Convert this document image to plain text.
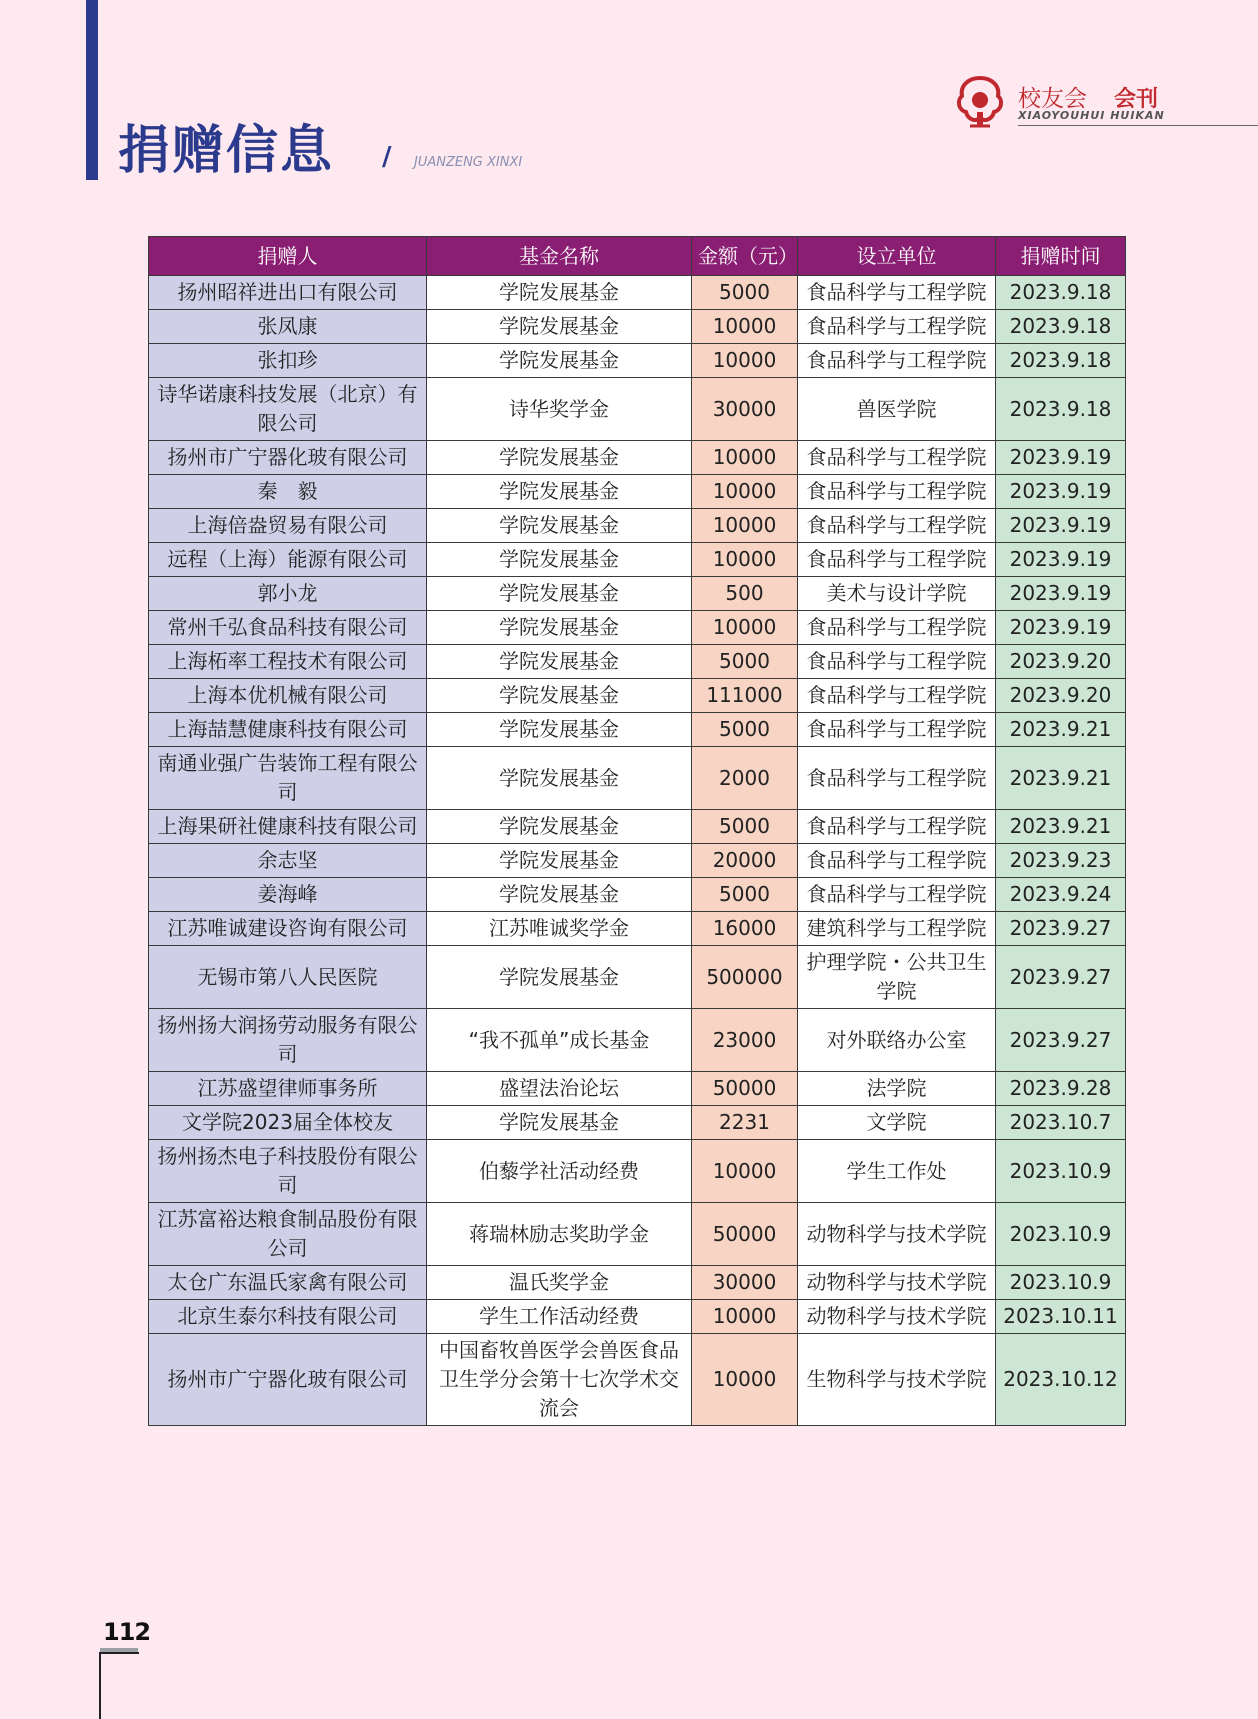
捐赠信息 / JUANZENG XINXI
校友会 会刊
XIAOYOUHUI HUIKAN
捐赠人	基金名称	金额（元）	设立单位	捐赠时间
扬州昭祥进出口有限公司	学院发展基金	5000	食品科学与工程学院	2023.9.18
张凤康	学院发展基金	10000	食品科学与工程学院	2023.9.18
张扣珍	学院发展基金	10000	食品科学与工程学院	2023.9.18
诗华诺康科技发展（北京）有限公司	诗华奖学金	30000	兽医学院	2023.9.18
扬州市广宁器化玻有限公司	学院发展基金	10000	食品科学与工程学院	2023.9.19
秦　毅	学院发展基金	10000	食品科学与工程学院	2023.9.19
上海倍盎贸易有限公司	学院发展基金	10000	食品科学与工程学院	2023.9.19
远程（上海）能源有限公司	学院发展基金	10000	食品科学与工程学院	2023.9.19
郭小龙	学院发展基金	500	美术与设计学院	2023.9.19
常州千弘食品科技有限公司	学院发展基金	10000	食品科学与工程学院	2023.9.19
上海柘率工程技术有限公司	学院发展基金	5000	食品科学与工程学院	2023.9.20
上海本优机械有限公司	学院发展基金	111000	食品科学与工程学院	2023.9.20
上海喆慧健康科技有限公司	学院发展基金	5000	食品科学与工程学院	2023.9.21
南通业强广告装饰工程有限公司	学院发展基金	2000	食品科学与工程学院	2023.9.21
上海果研社健康科技有限公司	学院发展基金	5000	食品科学与工程学院	2023.9.21
余志坚	学院发展基金	20000	食品科学与工程学院	2023.9.23
姜海峰	学院发展基金	5000	食品科学与工程学院	2023.9.24
江苏唯诚建设咨询有限公司	江苏唯诚奖学金	16000	建筑科学与工程学院	2023.9.27
无锡市第八人民医院	学院发展基金	500000	护理学院・公共卫生学院	2023.9.27
扬州扬大润扬劳动服务有限公司	“我不孤单”成长基金	23000	对外联络办公室	2023.9.27
江苏盛望律师事务所	盛望法治论坛	50000	法学院	2023.9.28
文学院2023届全体校友	学院发展基金	2231	文学院	2023.10.7
扬州扬杰电子科技股份有限公司	伯藜学社活动经费	10000	学生工作处	2023.10.9
江苏富裕达粮食制品股份有限公司	蒋瑞林励志奖助学金	50000	动物科学与技术学院	2023.10.9
太仓广东温氏家禽有限公司	温氏奖学金	30000	动物科学与技术学院	2023.10.9
北京生泰尔科技有限公司	学生工作活动经费	10000	动物科学与技术学院	2023.10.11
扬州市广宁器化玻有限公司	中国畜牧兽医学会兽医食品卫生学分会第十七次学术交流会	10000	生物科学与技术学院	2023.10.12
112
